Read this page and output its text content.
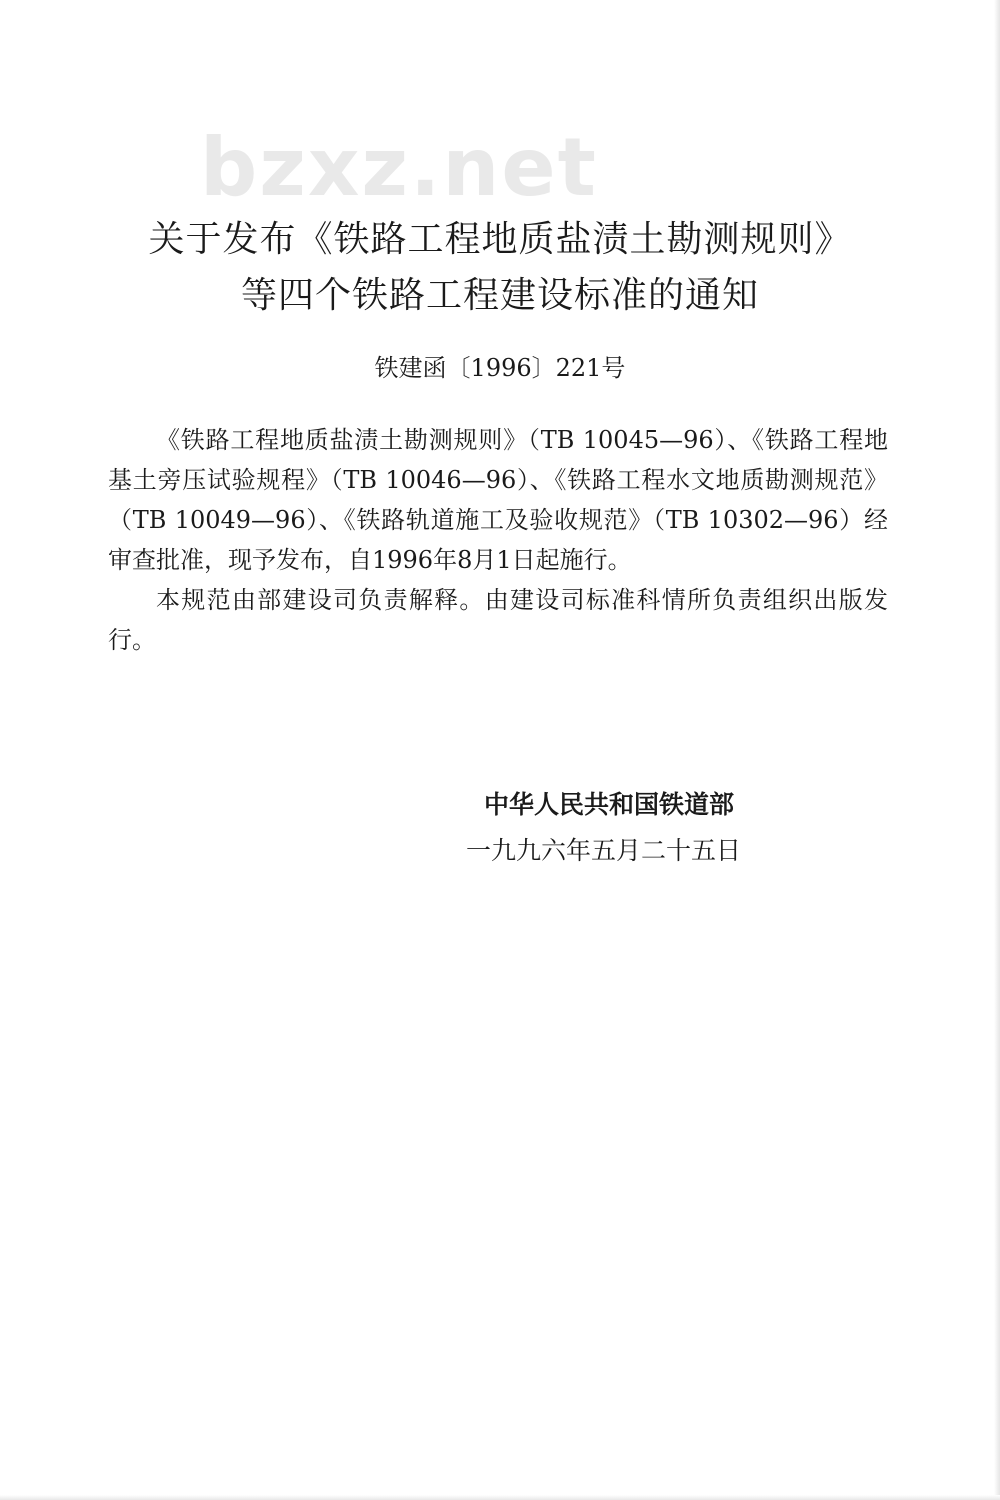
bzxz.net
关于发布《铁路工程地质盐渍土勘测规则》
等四个铁路工程建设标准的通知
铁建函〔1996〕221号

《铁路工程地质盐渍土勘测规则》（TB 10045—96）、《铁路工程地基土旁压试验规程》（TB 10046—96）、《铁路工程水文地质勘测规范》（TB 10049—96）、《铁路轨道施工及验收规范》（TB 10302—96）经审查批准，现予发布，自1996年8月1日起施行。

本规范由部建设司负责解释。由建设司标准科情所负责组织出版发行。

中华人民共和国铁道部
一九九六年五月二十五日
